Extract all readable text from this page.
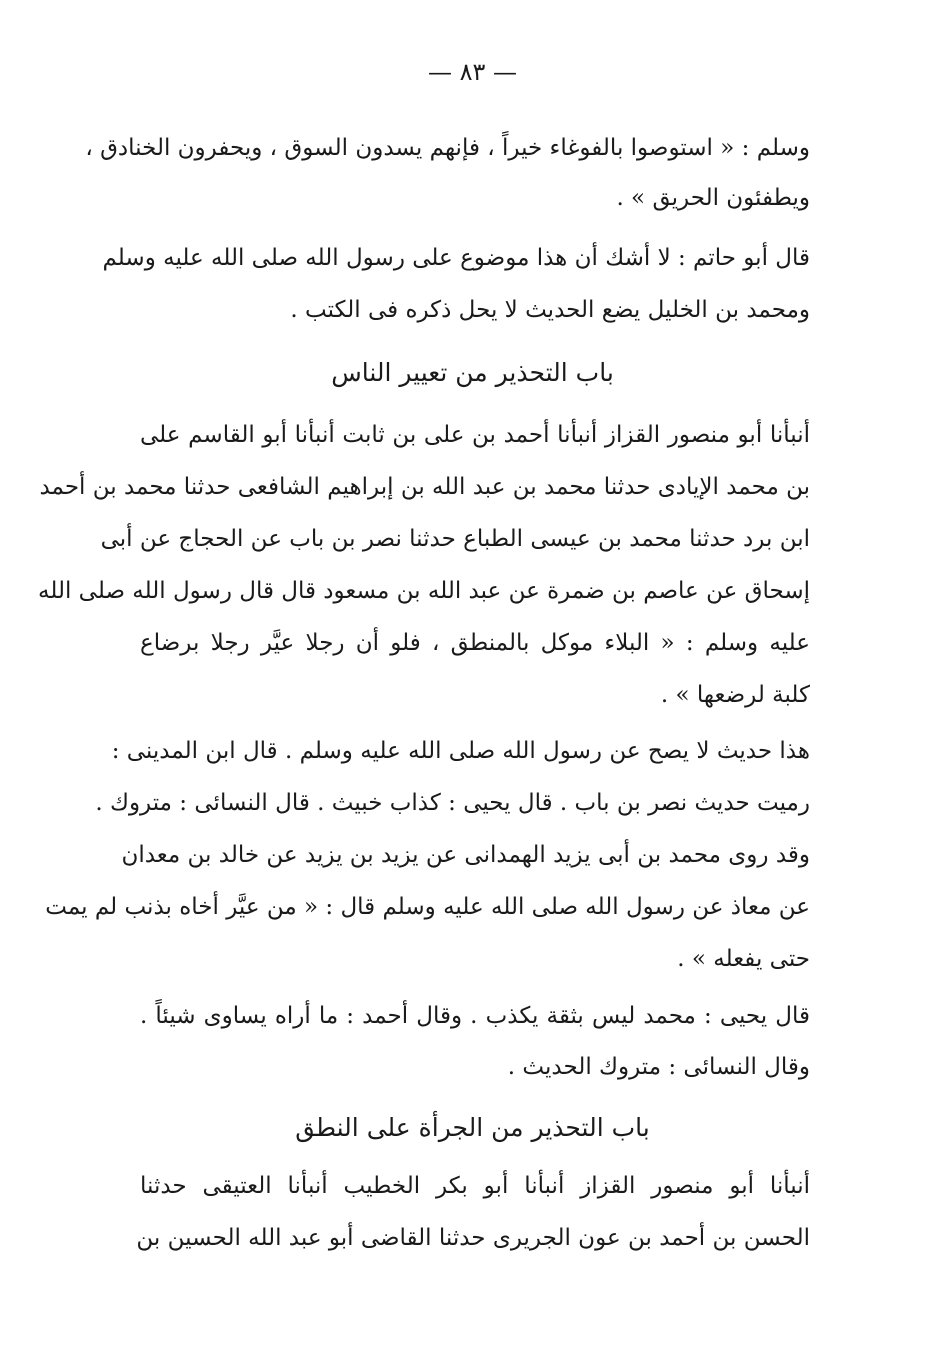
— ٨٣ —
وسلم : « استوصوا بالفوغاء خيراً ، فإنهم يسدون السوق ، ويحفرون الخنادق ،
ويطفئون الحريق » .
قال أبو حاتم : لا أشك أن هذا موضوع على رسول الله صلى الله عليه وسلم
ومحمد بن الخليل يضع الحديث لا يحل ذكره فى الكتب .
باب التحذير من تعيير الناس
أنبأنا أبو منصور القزاز أنبأنا أحمد بن على بن ثابت أنبأنا أبو القاسم على
بن محمد الإيادى حدثنا محمد بن عبد الله بن إبراهيم الشافعى حدثنا محمد بن أحمد
ابن برد حدثنا محمد بن عيسى الطباع حدثنا نصر بن باب عن الحجاج عن أبى
إسحاق عن عاصم بن ضمرة عن عبد الله بن مسعود قال قال رسول الله صلى الله
عليه وسلم : « البلاء موكل بالمنطق ، فلو أن رجلا عيَّر رجلا برضاع
كلبة لرضعها » .
هذا حديث لا يصح عن رسول الله صلى الله عليه وسلم . قال ابن المدينى :
رميت حديث نصر بن باب . قال يحيى : كذاب خبيث . قال النسائى : متروك .
وقد روى محمد بن أبى يزيد الهمدانى عن يزيد بن يزيد عن خالد بن معدان
عن معاذ عن رسول الله صلى الله عليه وسلم قال : « من عيَّر أخاه بذنب لم يمت
حتى يفعله » .
قال يحيى : محمد ليس بثقة يكذب . وقال أحمد : ما أراه يساوى شيئاً .
وقال النسائى : متروك الحديث .
باب التحذير من الجرأة على النطق
أنبأنا أبو منصور القزاز أنبأنا أبو بكر الخطيب أنبأنا العتيقى حدثنا
الحسن بن أحمد بن عون الجريرى حدثنا القاضى أبو عبد الله الحسين بن
